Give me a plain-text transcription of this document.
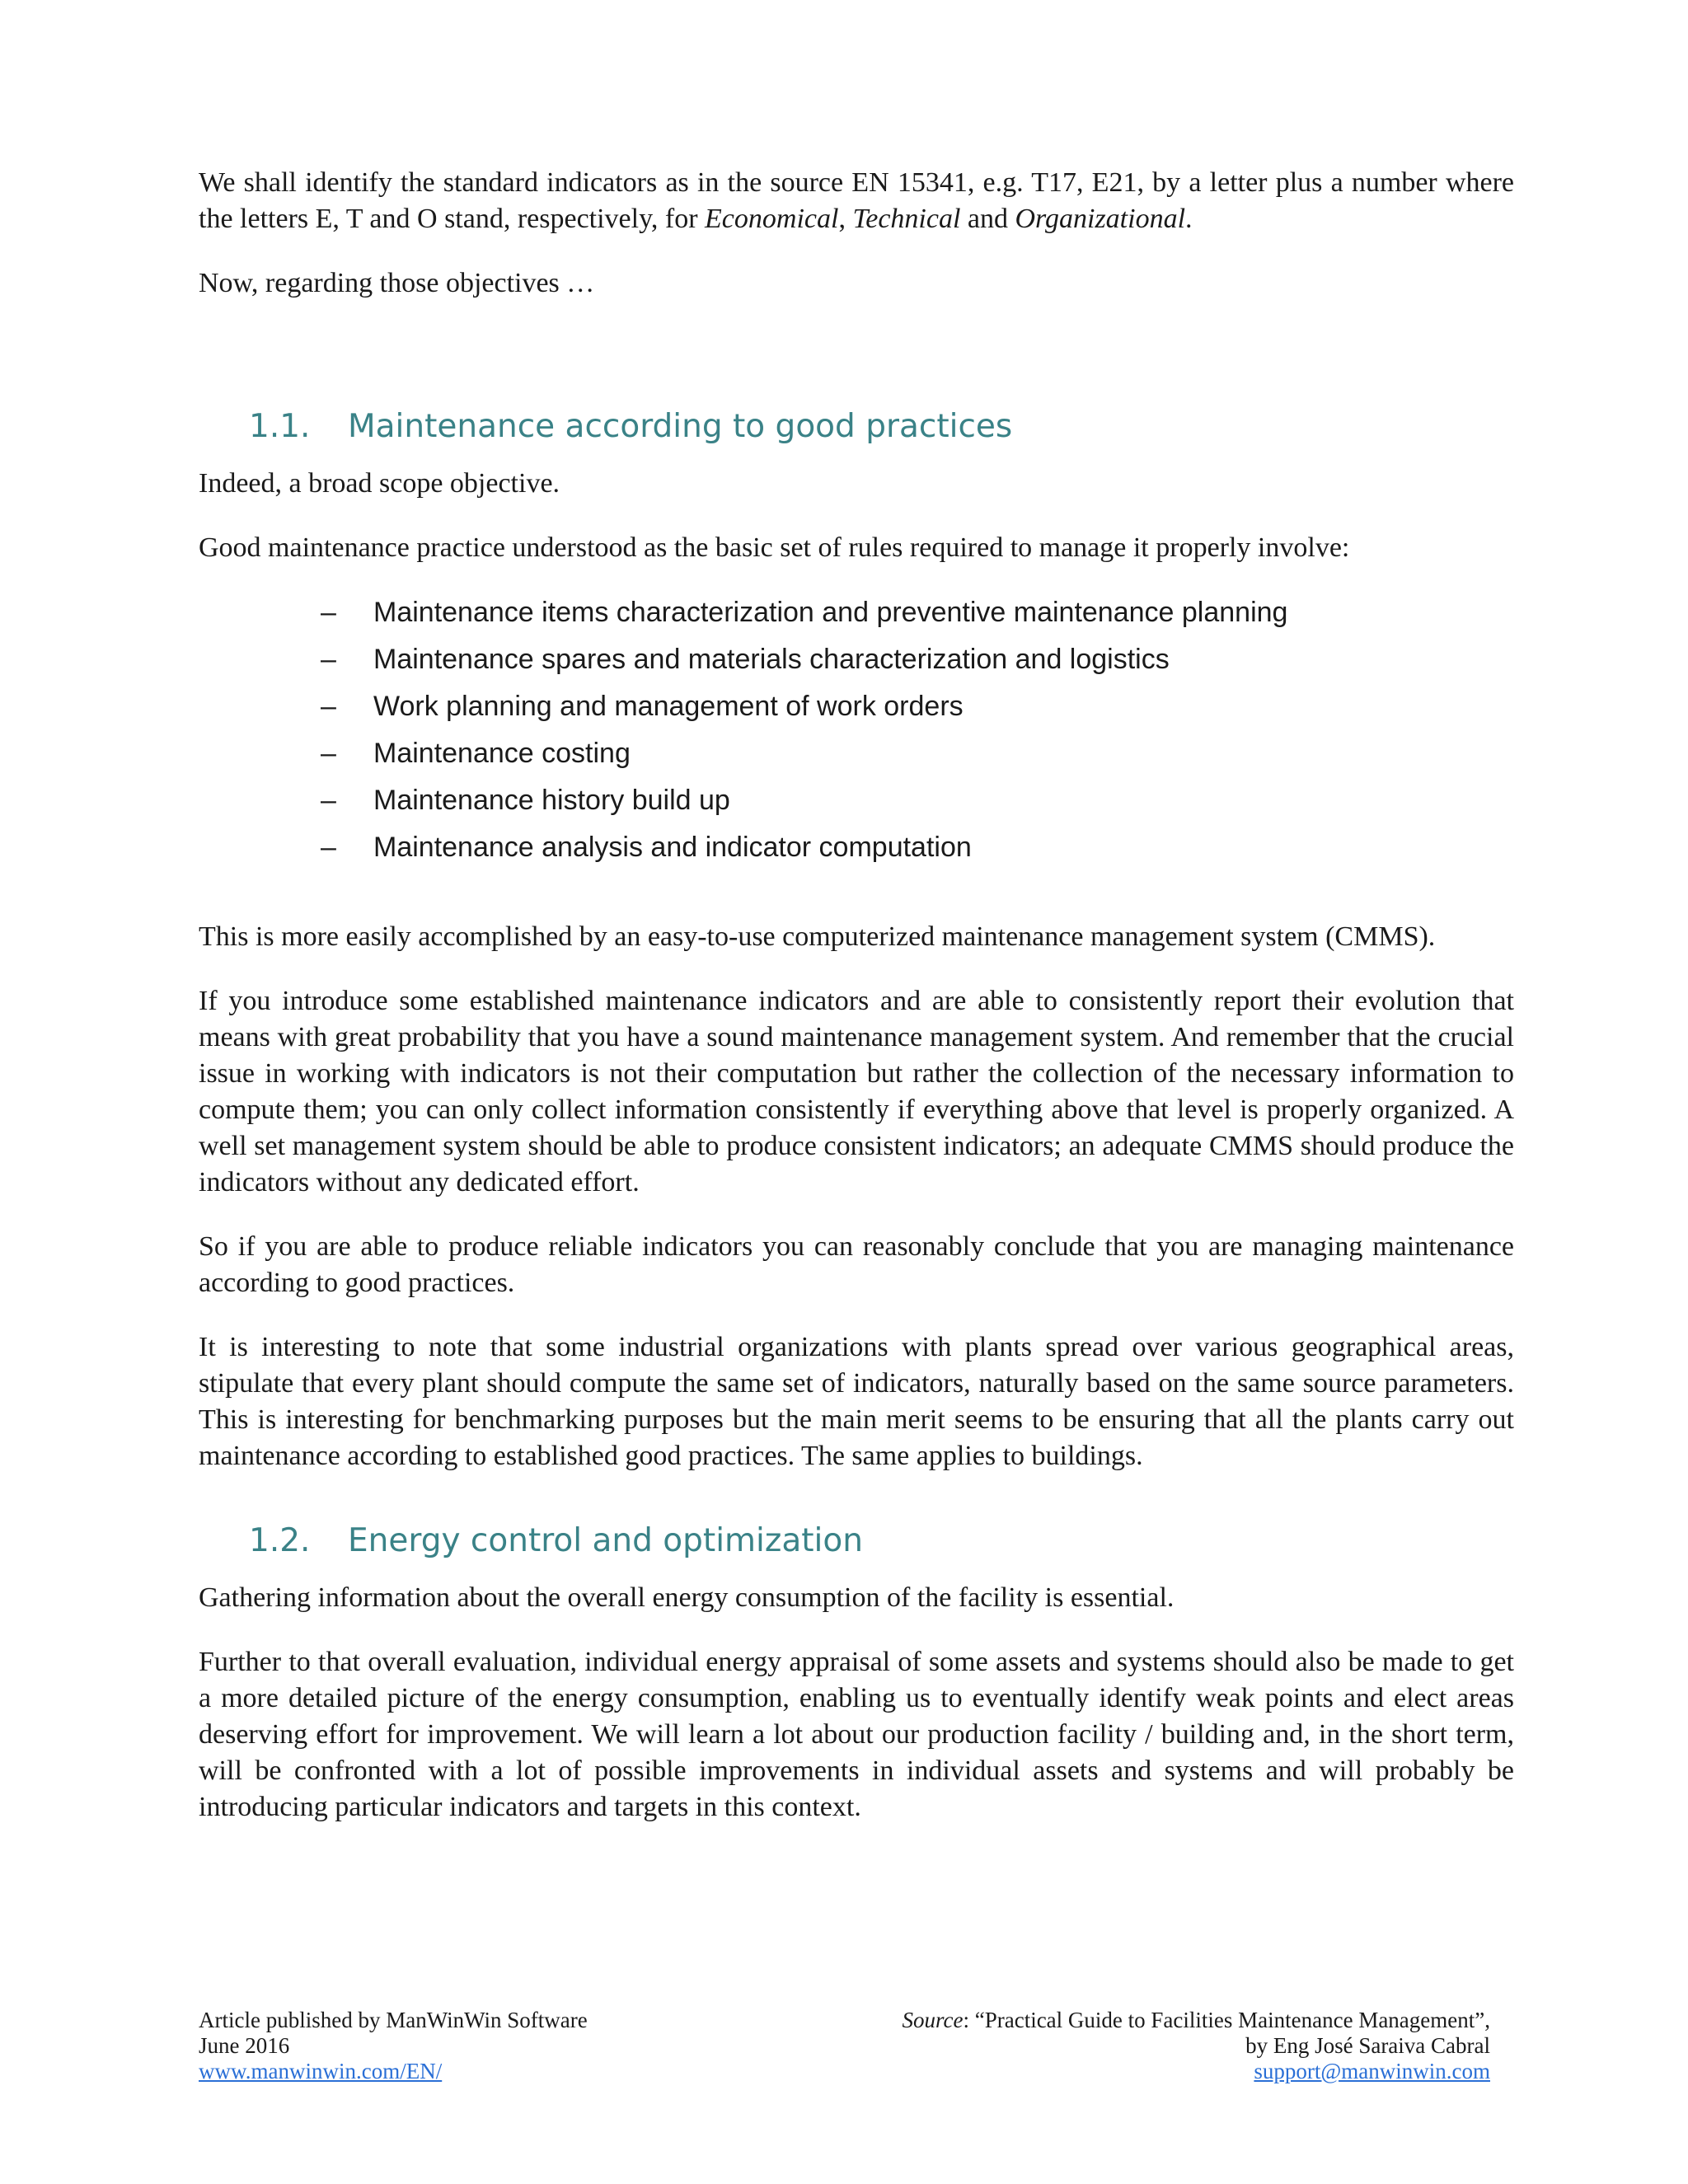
We shall identify the standard indicators as in the source EN 15341, e.g. T17, E21, by a letter plus a number where the letters E, T and O stand, respectively, for Economical, Technical and Organizational.

Now, regarding those objectives …

1.1.	Maintenance according to good practices

Indeed, a broad scope objective.

Good maintenance practice understood as the basic set of rules required to manage it properly involve:

–	Maintenance items characterization and preventive maintenance planning
–	Maintenance spares and materials characterization and logistics
–	Work planning and management of work orders
–	Maintenance costing
–	Maintenance history build up
–	Maintenance analysis and indicator computation

This is more easily accomplished by an easy-to-use computerized maintenance management system (CMMS).

If you introduce some established maintenance indicators and are able to consistently report their evolution that means with great probability that you have a sound maintenance management system. And remember that the crucial issue in working with indicators is not their computation but rather the collection of the necessary information to compute them; you can only collect information consistently if everything above that level is properly organized. A well set management system should be able to produce consistent indicators; an adequate CMMS should produce the indicators without any dedicated effort.

So if you are able to produce reliable indicators you can reasonably conclude that you are managing maintenance according to good practices.

It is interesting to note that some industrial organizations with plants spread over various geographical areas, stipulate that every plant should compute the same set of indicators, naturally based on the same source parameters. This is interesting for benchmarking purposes but the main merit seems to be ensuring that all the plants carry out maintenance according to established good practices. The same applies to buildings.

1.2.	Energy control and optimization

Gathering information about the overall energy consumption of the facility is essential.

Further to that overall evaluation, individual energy appraisal of some assets and systems should also be made to get a more detailed picture of the energy consumption, enabling us to eventually identify weak points and elect areas deserving effort for improvement. We will learn a lot about our production facility / building and, in the short term, will be confronted with a lot of possible improvements in individual assets and systems and will probably be introducing particular indicators and targets in this context.

Article published by ManWinWin Software
June 2016
www.manwinwin.com/EN/
Source: “Practical Guide to Facilities Maintenance Management”,
by Eng José Saraiva Cabral
support@manwinwin.com
